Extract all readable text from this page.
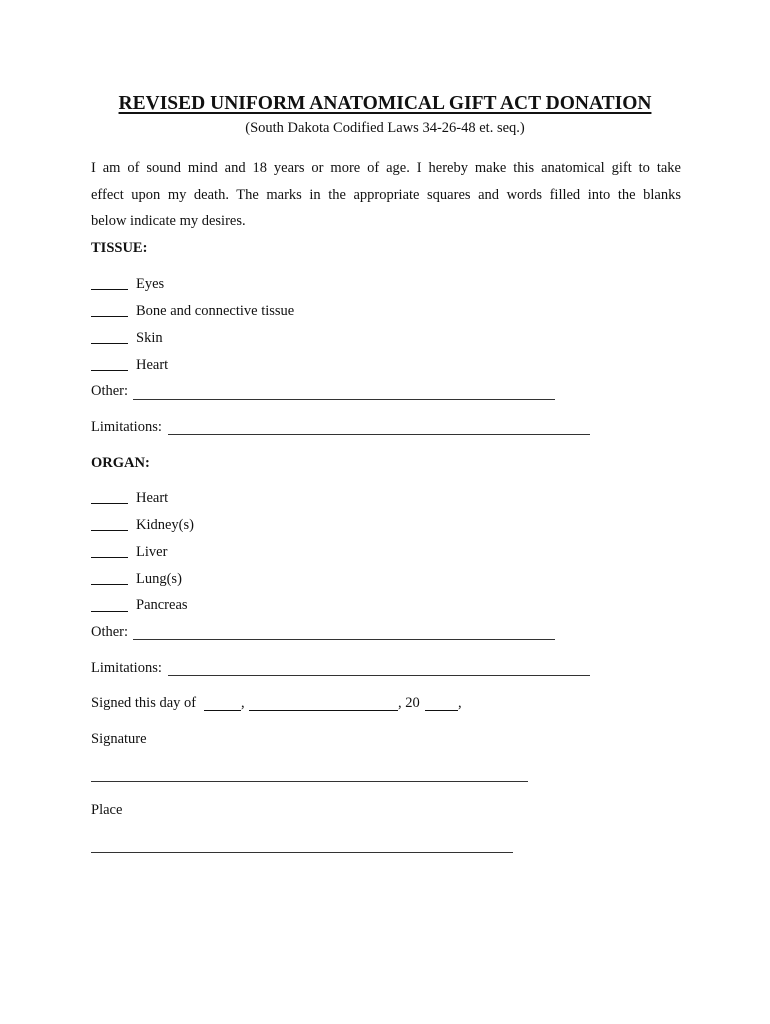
REVISED UNIFORM ANATOMICAL GIFT ACT DONATION
(South Dakota Codified Laws 34-26-48 et. seq.)
I am of sound mind and 18 years or more of age. I hereby make this anatomical gift to take
effect upon my death. The marks in the appropriate squares and words filled into the blanks
below indicate my desires.
TISSUE:
Eyes
Bone and connective tissue
Skin
Heart
Other:
Limitations:
ORGAN:
Heart
Kidney(s)
Liver
Lung(s)
Pancreas
Other:
Limitations:
Signed this day of	,	, 20	,
Signature
Place
